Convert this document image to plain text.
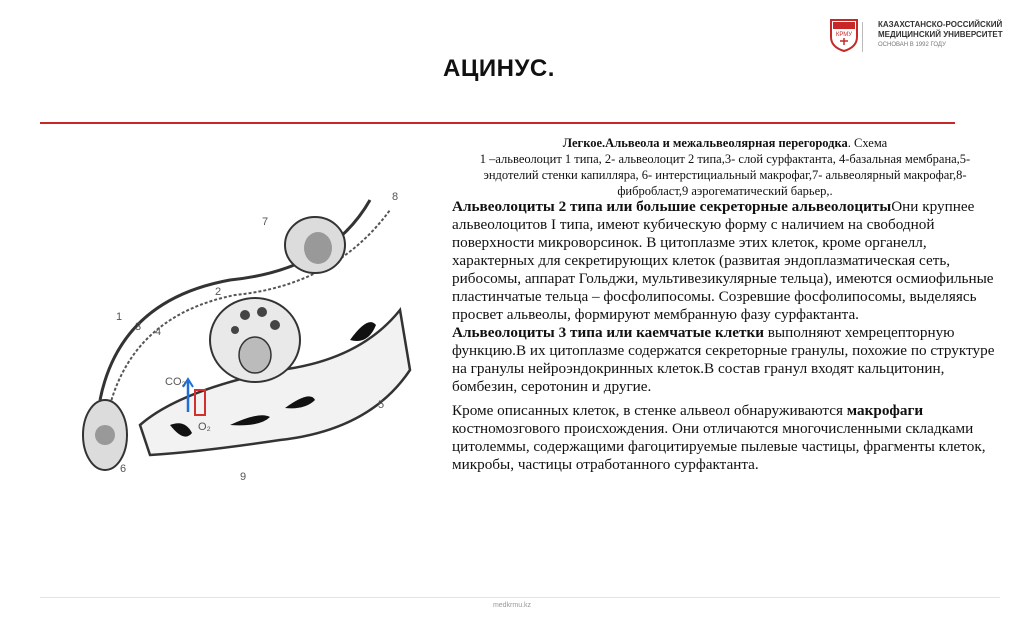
АЦИНУС.
КРМУ
КАЗАХСТАНСКО-РОССИЙСКИЙ
МЕДИЦИНСКИЙ УНИВЕРСИТЕТ
ОСНОВАН В 1992 ГОДУ
Легкое.Альвеола и межальвеолярная перегородка. Схема
1 –альвеолоцит 1 типа, 2- альвеолоцит 2 типа,3- слой сурфактанта, 4-базальная мембрана,5-
эндотелий стенки капилляра, 6- интерстициальный макрофаг,7- альвеолярный макрофаг,8-
фибробласт,9 аэрогематический барьер,.
7
8
2
1
3 4
CO₂
O₂
5
6
9

Альвеолоциты 2 типа или большие секреторные альвеолоцитыОни крупнее альвеолоцитов I типа, имеют кубическую форму с наличием на свободной поверхности микроворсинок. В цитоплазме этих клеток, кроме органелл,

характерных для секретирующих клеток (развитая эндоплазматическая сеть, рибосомы, аппарат Гольджи, мультивезикулярные тельца), имеются осмиофильные пластинчатые тельца – фосфолипосомы. Созревшие фосфолипосомы, выделяясь просвет альвеолы, формируют мембранную фазу сурфактанта.

Альвеолоциты 3 типа или каемчатые клетки выполняют хемрецепторную функцию.В их цитоплазме содержатся секреторные гранулы, похожие по структуре на гранулы нейроэндокринных клеток.В состав гранул входят кальцитонин, бомбезин, серотонин и другие.

Кроме описанных клеток, в стенке альвеол обнаруживаются макрофаги костномозгового происхождения. Они отличаются многочисленными складками цитолеммы, содержащими фагоцитируемые пылевые частицы, фрагменты клеток, микробы, частицы отработанного сурфактанта.

medkrmu.kz
